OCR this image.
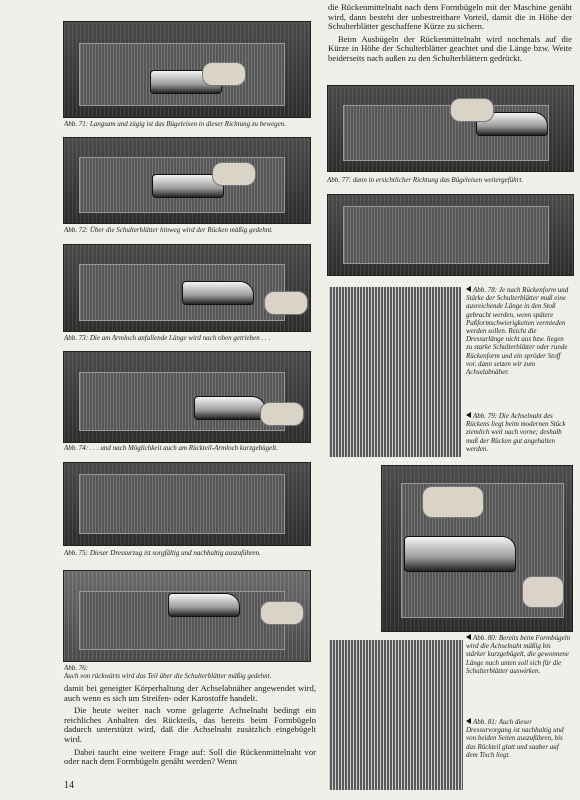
die Rückenmittelnaht nach dem Formbügeln mit der Maschine genäht wird, dann besteht der unbestreitbare Vorteil, damit die in Höhe der Schulterblätter geschaffene Kürze zu sichern.

Beim Ausbügeln der Rückenmittelnaht wird nochmals auf die Kürze in Höhe der Schulterblätter geachtet und die Länge bzw. Weite beiderseits nach außen zu den Schulterblättern gedrückt.

Abb. 71: Langsam und zügig ist das Bügeleisen in dieser Richtung zu bewegen.
Abb. 72: Über die Schulterblätter hinweg wird der Rücken mäßig gedehnt.
Abb. 73: Die am Armloch anfallende Länge wird nach oben getrieben . . .
Abb. 74: . . . und nach Möglichkeit auch am Rückteil-Armloch kurzgebügelt.
Abb. 75: Dieser Dressurzug ist sorgfältig und nachhaltig auszuführen.
Abb. 76:
Auch von rückwärts wird das Teil über die Schulterblätter mäßig gedehnt.

damit bei geneigter Körperhaltung der Achselabnäher angewendet wird, auch wenn es sich um Streifen- oder Karostoffe handelt.

Die heute weiter nach vorne gelagerte Achselnaht bedingt ein reichliches Anhalten des Rückteils, das bereits beim Formbügeln dadurch unterstützt wird, daß die Achselnaht zusätzlich eingebügelt wird.

Dabei taucht eine weitere Frage auf: Soll die Rückenmittelnaht vor oder nach dem Formbügeln genäht werden? Wenn

Abb. 77: dann in ersichtlicher Richtung das Bügeleisen weitergeführt.
Abb. 78: Je nach Rückenform und Stärke der Schulterblätter muß eine ausreichende Länge in den Stoß gebracht werden, wenn spätere Paßformschwierigkeiten vermieden werden sollen. Reicht die Dressurlänge nicht aus bzw. liegen zu starke Schulterblätter oder runde Rückenform und ein spröder Stoff vor, dann setzen wir zum Achselabnäher.
Abb. 79: Die Achselnaht des Rückens liegt beim modernen Stück ziemlich weit nach vorne; deshalb muß der Rücken gut angehalten werden.
Abb. 80: Bereits beim Formbügeln wird die Achselnaht mäßig bis stärker kurzgebügelt, die gewonnene Länge nach unten soll sich für die Schulterblätter auswirken.
Abb. 81: Auch dieser Dressurvorgang ist nachhaltig und von beiden Seiten auszuführen, bis das Rückteil glatt und sauber auf dem Tisch liegt.
14
